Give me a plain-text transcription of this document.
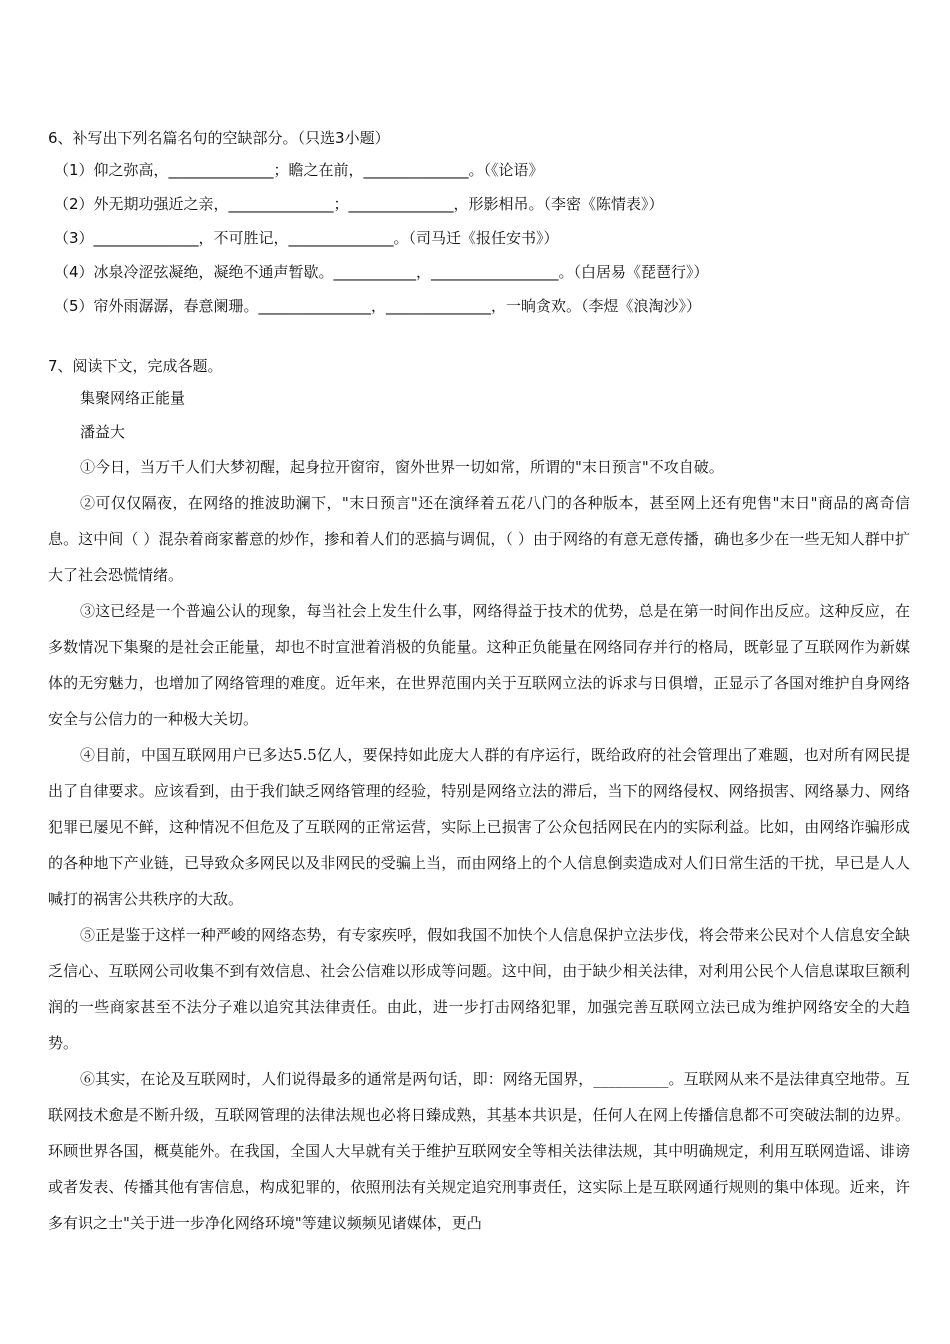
6、补写出下列名篇名句的空缺部分。（只选3小题）
（1）仰之弥高，______________；瞻之在前，______________。（《论语》
（2）外无期功强近之亲，______________；______________，形影相吊。（李密《陈情表》）
（3）______________，不可胜记，______________。（司马迁《报任安书》）
（4）冰泉冷涩弦凝绝，凝绝不通声暂歇。___________，_________________。（白居易《琵琶行》）
（5）帘外雨潺潺，春意阑珊。_______________，______________，一晌贪欢。（李煜《浪淘沙》）
7、阅读下文，完成各题。
集聚网络正能量
潘益大

①今日，当万千人们大梦初醒，起身拉开窗帘，窗外世界一切如常，所谓的"末日预言"不攻自破。

②可仅仅隔夜，在网络的推波助澜下，"末日预言"还在演绎着五花八门的各种版本，甚至网上还有兜售"末日"商品的离奇信息。这中间（ ）混杂着商家蓄意的炒作，掺和着人们的恶搞与调侃，（ ）由于网络的有意无意传播，确也多少在一些无知人群中扩大了社会恐慌情绪。

③这已经是一个普遍公认的现象，每当社会上发生什么事，网络得益于技术的优势，总是在第一时间作出反应。这种反应，在多数情况下集聚的是社会正能量，却也不时宣泄着消极的负能量。这种正负能量在网络同存并行的格局，既彰显了互联网作为新媒体的无穷魅力，也增加了网络管理的难度。近年来，在世界范围内关于互联网立法的诉求与日俱增，正显示了各国对维护自身网络安全与公信力的一种极大关切。

④目前，中国互联网用户已多达5.5亿人，要保持如此庞大人群的有序运行，既给政府的社会管理出了难题，也对所有网民提出了自律要求。应该看到，由于我们缺乏网络管理的经验，特别是网络立法的滞后，当下的网络侵权、网络损害、网络暴力、网络犯罪已屡见不鲜，这种情况不但危及了互联网的正常运营，实际上已损害了公众包括网民在内的实际利益。比如，由网络诈骗形成的各种地下产业链，已导致众多网民以及非网民的受骗上当，而由网络上的个人信息倒卖造成对人们日常生活的干扰，早已是人人喊打的祸害公共秩序的大敌。

⑤正是鉴于这样一种严峻的网络态势，有专家疾呼，假如我国不加快个人信息保护立法步伐，将会带来公民对个人信息安全缺乏信心、互联网公司收集不到有效信息、社会公信难以形成等问题。这中间，由于缺少相关法律，对利用公民个人信息谋取巨额利润的一些商家甚至不法分子难以追究其法律责任。由此，进一步打击网络犯罪，加强完善互联网立法已成为维护网络安全的大趋势。

⑥其实，在论及互联网时，人们说得最多的通常是两句话，即：网络无国界，__________。互联网从来不是法律真空地带。互联网技术愈是不断升级，互联网管理的法律法规也必将日臻成熟，其基本共识是，任何人在网上传播信息都不可突破法制的边界。环顾世界各国，概莫能外。在我国，全国人大早就有关于维护互联网安全等相关法律法规，其中明确规定，利用互联网造谣、诽谤或者发表、传播其他有害信息，构成犯罪的，依照刑法有关规定追究刑事责任，这实际上是互联网通行规则的集中体现。近来，许多有识之士"关于进一步净化网络环境"等建议频频见诸媒体，更凸
